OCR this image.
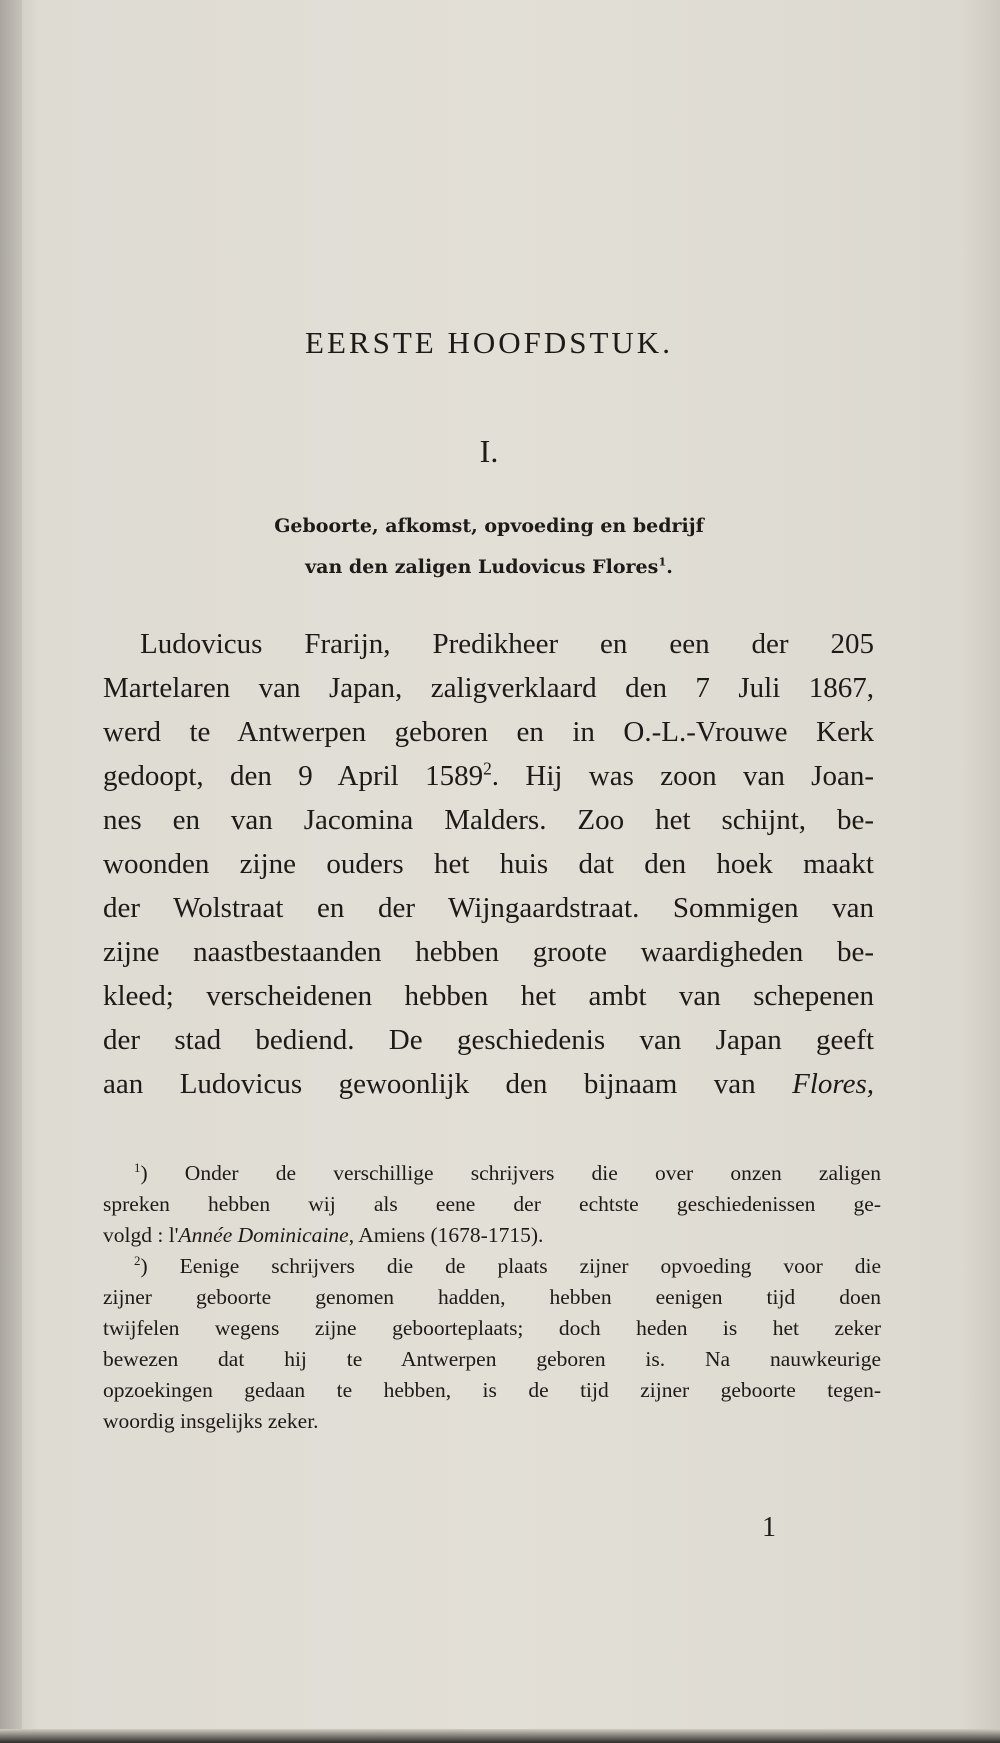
EERSTE HOOFDSTUK.
I.
Geboorte, afkomst, opvoeding en bedrijf
van den zaligen Ludovicus Flores$^1$.
Ludovicus Frarijn, Predikheer en een der 205
Martelaren van Japan, zaligverklaard den 7 Juli 1867,
werd te Antwerpen geboren en in O.-L.-Vrouwe Kerk
gedoopt, den 9 April 1589$^2$. Hij was zoon van Joan-
nes en van Jacomina Malders. Zoo het schijnt, be-
woonden zijne ouders het huis dat den hoek maakt
der Wolstraat en der Wijngaardstraat. Sommigen van
zijne naastbestaanden hebben groote waardigheden be-
kleed; verscheidenen hebben het ambt van schepenen
der stad bediend. De geschiedenis van Japan geeft
aan Ludovicus gewoonlijk den bijnaam van Flores,
$^1$) Onder de verschillige schrijvers die over onzen zaligen
spreken hebben wij als eene der echtste geschiedenissen ge-
volgd : l'Année Dominicaine, Amiens (1678-1715).
$^2$) Eenige schrijvers die de plaats zijner opvoeding voor die
zijner geboorte genomen hadden, hebben eenigen tijd doen
twijfelen wegens zijne geboorteplaats; doch heden is het zeker
bewezen dat hij te Antwerpen geboren is. Na nauwkeurige
opzoekingen gedaan te hebben, is de tijd zijner geboorte tegen-
woordig insgelijks zeker.
1
